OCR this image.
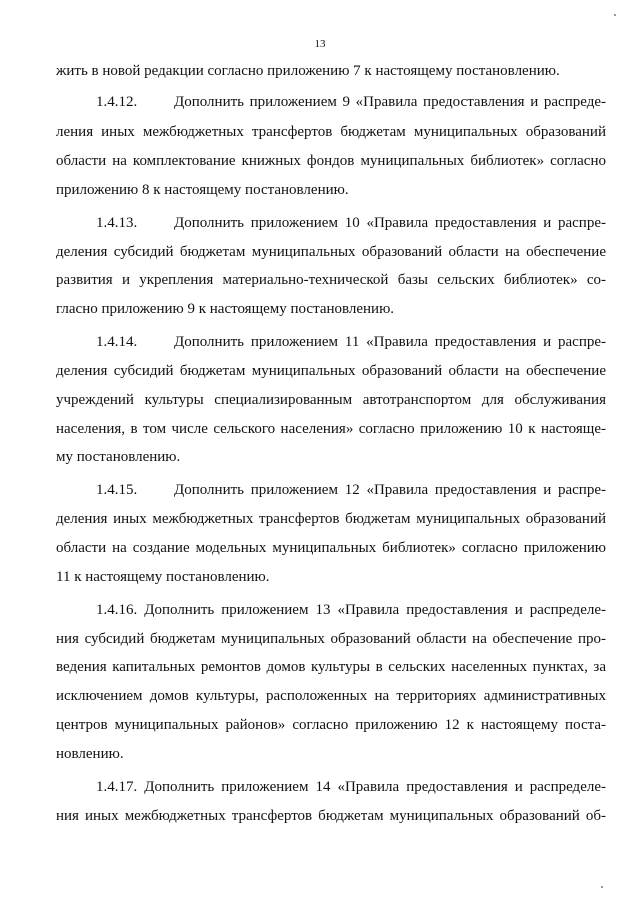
13
жить в новой редакции согласно приложению 7 к настоящему постановлению.
1.4.12. Дополнить приложением 9 «Правила предоставления и распреде-
ления иных межбюджетных трансфертов бюджетам муниципальных образований
области на комплектование книжных фондов муниципальных библиотек» согласно
приложению 8 к настоящему постановлению.
1.4.13. Дополнить приложением 10 «Правила предоставления и распре-
деления субсидий бюджетам муниципальных образований области на обеспечение
развития и укрепления материально-технической базы сельских библиотек» со-
гласно приложению 9 к настоящему постановлению.
1.4.14. Дополнить приложением 11 «Правила предоставления и распре-
деления субсидий бюджетам муниципальных образований области на обеспечение
учреждений культуры специализированным автотранспортом для обслуживания
населения, в том числе сельского населения» согласно приложению 10 к настоящe-
му постановлению.
1.4.15. Дополнить приложением 12 «Правила предоставления и распре-
деления иных межбюджетных трансфертов бюджетам муниципальных образований
области на создание модельных муниципальных библиотек» согласно приложению
11 к настоящему постановлению.
1.4.16. Дополнить приложением 13 «Правила предоставления и распределе-
ния субсидий бюджетам муниципальных образований области на обеспечение про-
ведения капитальных ремонтов домов культуры в сельских населенных пунктах, за
исключением домов культуры, расположенных на территориях административных
центров муниципальных районов» согласно приложению 12 к настоящему поста-
новлению.
1.4.17. Дополнить приложением 14 «Правила предоставления и распределе-
ния иных межбюджетных трансфертов бюджетам муниципальных образований об-
